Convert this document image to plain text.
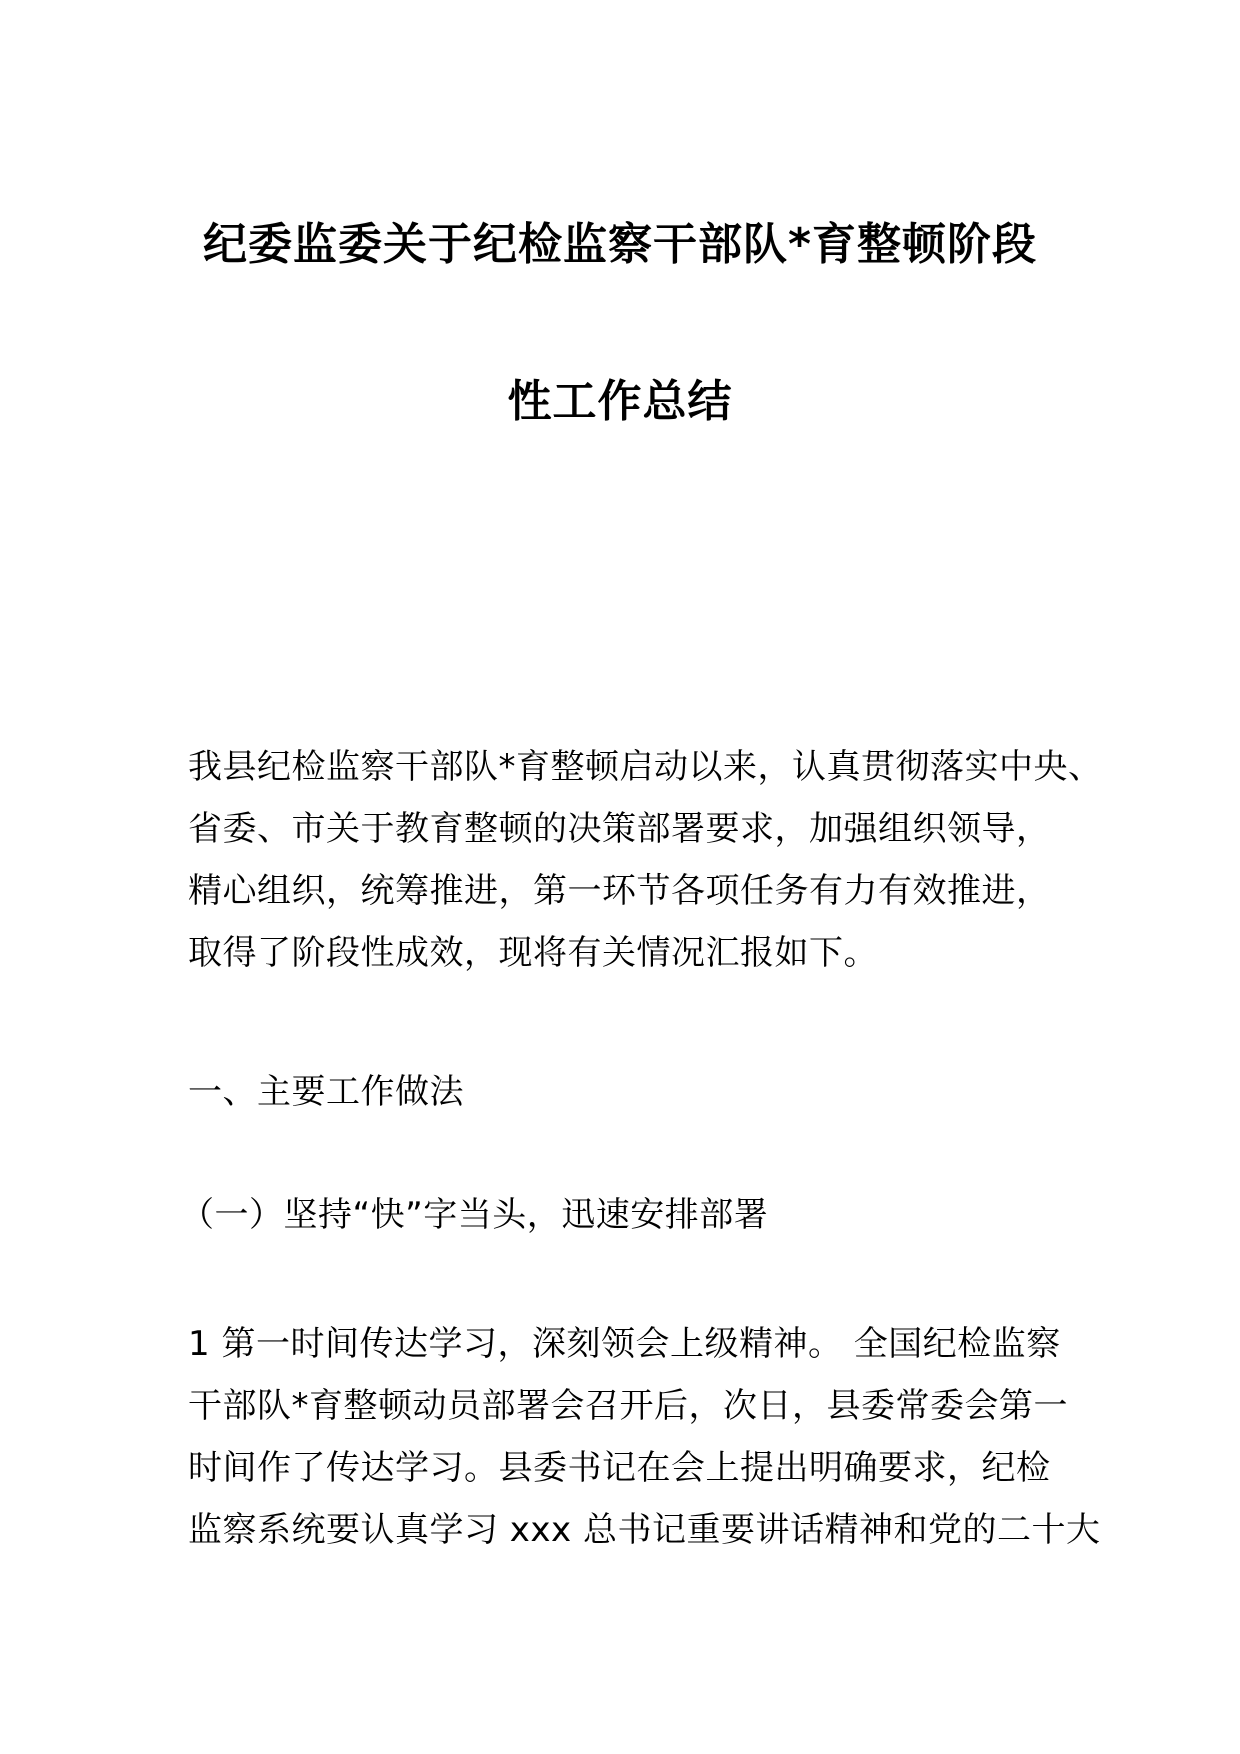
纪委监委关于纪检监察干部队*育整顿阶段
性工作总结
我县纪检监察干部队*育整顿启动以来，认真贯彻落实中央、
省委、市关于教育整顿的决策部署要求，加强组织领导，
精心组织，统筹推进，第一环节各项任务有力有效推进，
取得了阶段性成效，现将有关情况汇报如下。
一、主要工作做法
（一）坚持“快”字当头，迅速安排部署
1 第一时间传达学习，深刻领会上级精神。 全国纪检监察
干部队*育整顿动员部署会召开后，次日，县委常委会第一
时间作了传达学习。县委书记在会上提出明确要求，纪检
监察系统要认真学习 xxx 总书记重要讲话精神和党的二十大
